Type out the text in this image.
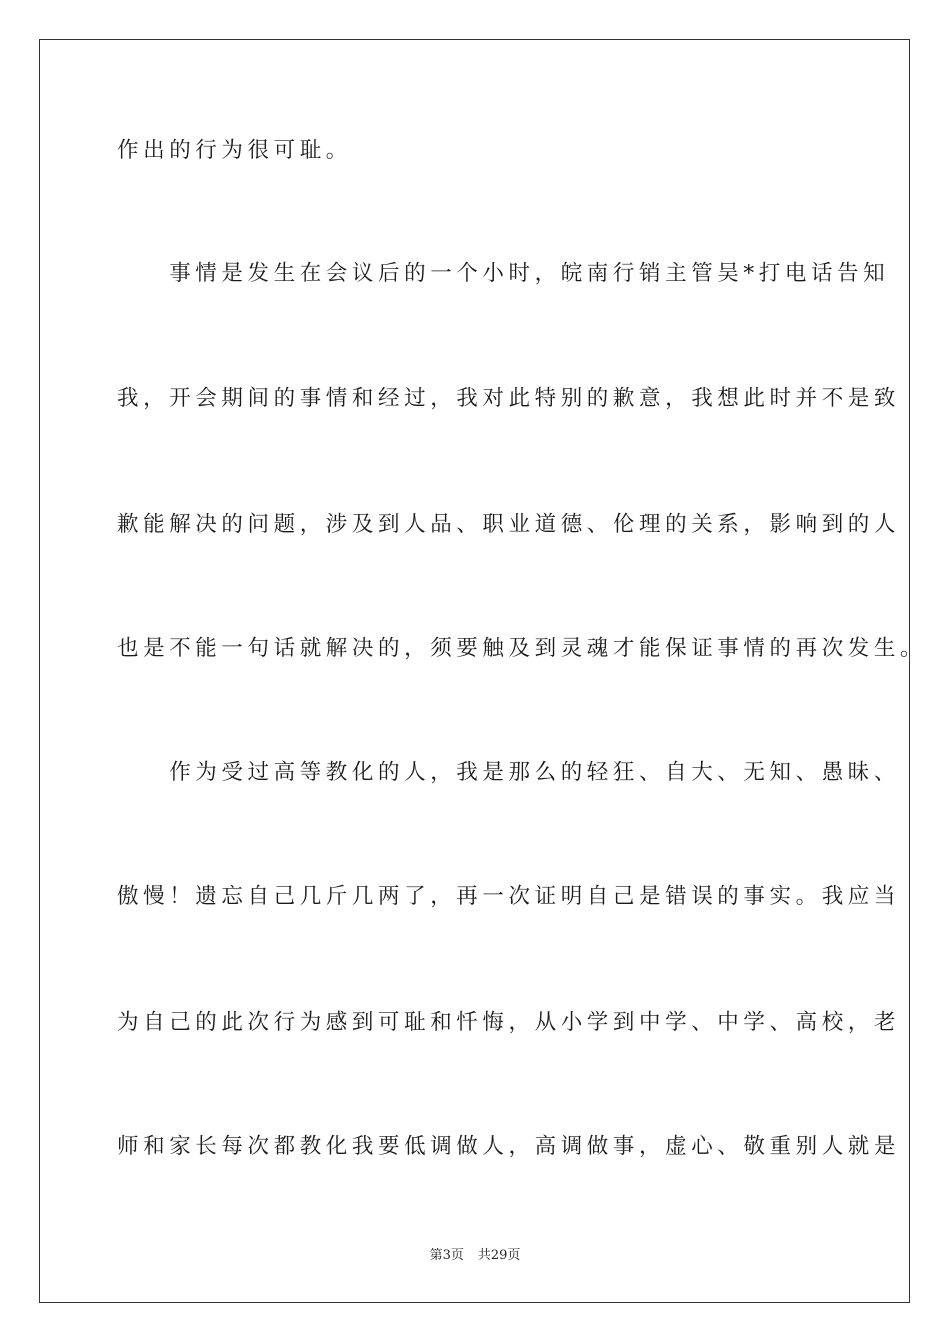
作出的行为很可耻。
　　事情是发生在会议后的一个小时，皖南行销主管吴*打电话告知
我，开会期间的事情和经过，我对此特别的歉意，我想此时并不是致
歉能解决的问题，涉及到人品、职业道德、伦理的关系，影响到的人
也是不能一句话就解决的，须要触及到灵魂才能保证事情的再次发生。
　　作为受过高等教化的人，我是那么的轻狂、自大、无知、愚昧、
傲慢！遗忘自己几斤几两了，再一次证明自己是错误的事实。我应当
为自己的此次行为感到可耻和忏悔，从小学到中学、中学、高校，老
师和家长每次都教化我要低调做人，高调做事，虚心、敬重别人就是
第3页 共29页
